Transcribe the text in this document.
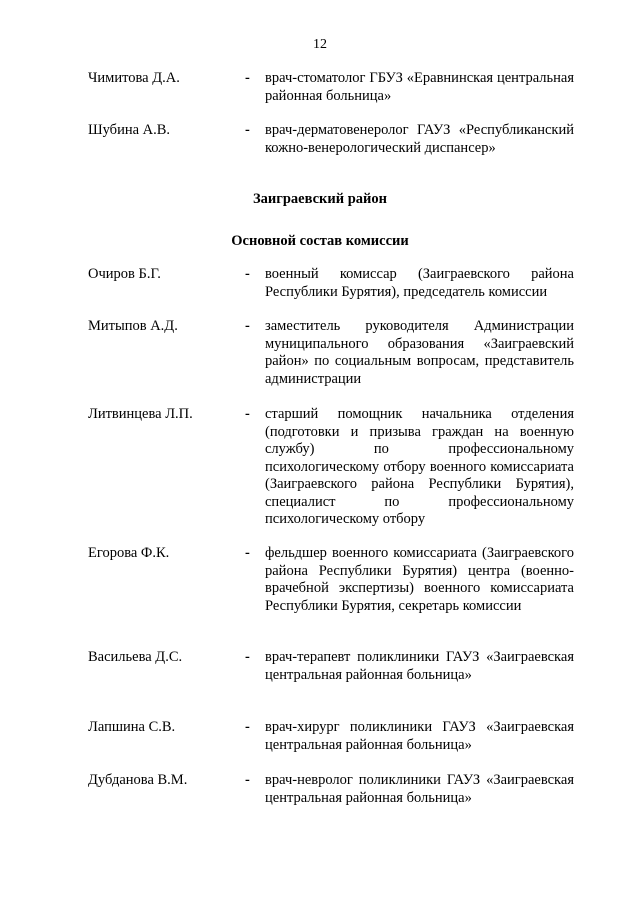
12
Чимитова Д.А.	- врач-стоматолог ГБУЗ «Еравнинская центральная районная больница»
Шубина А.В.	- врач-дерматовенеролог ГАУЗ «Республиканский кожно-венерологический диспансер»
Заиграевский район
Основной состав комиссии
Очиров Б.Г.	- военный комиссар (Заиграевского района Республики Бурятия), председатель комиссии
Митыпов А.Д.	- заместитель руководителя Администрации муниципального образования «Заиграевский район» по социальным вопросам, представитель администрации
Литвинцева Л.П.	- старший помощник начальника отделения (подготовки и призыва граждан на военную службу) по профессиональному психологическому отбору военного комиссариата (Заиграевского района Республики Бурятия), специалист по профессиональному психологическому отбору
Егорова Ф.К.	- фельдшер военного комиссариата (Заиграевского района Республики Бурятия) центра (военно-врачебной экспертизы) военного комиссариата Республики Бурятия, секретарь комиссии
Васильева Д.С.	- врач-терапевт поликлиники ГАУЗ «Заиграевская центральная районная больница»
Лапшина С.В.	- врач-хирург поликлиники ГАУЗ «Заиграевская центральная районная больница»
Дубданова В.М.	- врач-невролог поликлиники ГАУЗ «Заиграевская центральная районная больница»
